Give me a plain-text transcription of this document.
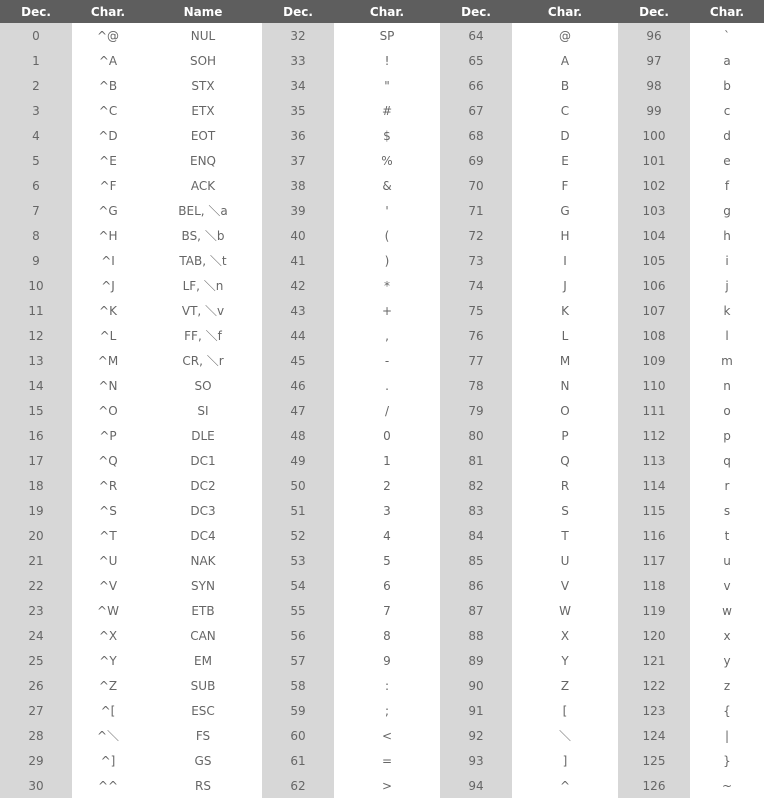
Dec.	Char.	Name	Dec.	Char.	Dec.	Char.	Dec.	Char.
0	^@	NUL	32	SP	64	@	96	`
1	^A	SOH	33	!	65	A	97	a
2	^B	STX	34	"	66	B	98	b
3	^C	ETX	35	#	67	C	99	c
4	^D	EOT	36	$	68	D	100	d
5	^E	ENQ	37	%	69	E	101	e
6	^F	ACK	38	&	70	F	102	f
7	^G	BEL, ＼a	39	'	71	G	103	g
8	^H	BS, ＼b	40	(	72	H	104	h
9	^I	TAB, ＼t	41	)	73	I	105	i
10	^J	LF, ＼n	42	*	74	J	106	j
11	^K	VT, ＼v	43	+	75	K	107	k
12	^L	FF, ＼f	44	,	76	L	108	l
13	^M	CR, ＼r	45	-	77	M	109	m
14	^N	SO	46	.	78	N	110	n
15	^O	SI	47	/	79	O	111	o
16	^P	DLE	48	0	80	P	112	p
17	^Q	DC1	49	1	81	Q	113	q
18	^R	DC2	50	2	82	R	114	r
19	^S	DC3	51	3	83	S	115	s
20	^T	DC4	52	4	84	T	116	t
21	^U	NAK	53	5	85	U	117	u
22	^V	SYN	54	6	86	V	118	v
23	^W	ETB	55	7	87	W	119	w
24	^X	CAN	56	8	88	X	120	x
25	^Y	EM	57	9	89	Y	121	y
26	^Z	SUB	58	:	90	Z	122	z
27	^[	ESC	59	;	91	[	123	{
28	^＼	FS	60	<	92	＼	124	|
29	^]	GS	61	=	93	]	125	}
30	^^	RS	62	>	94	^	126	~
